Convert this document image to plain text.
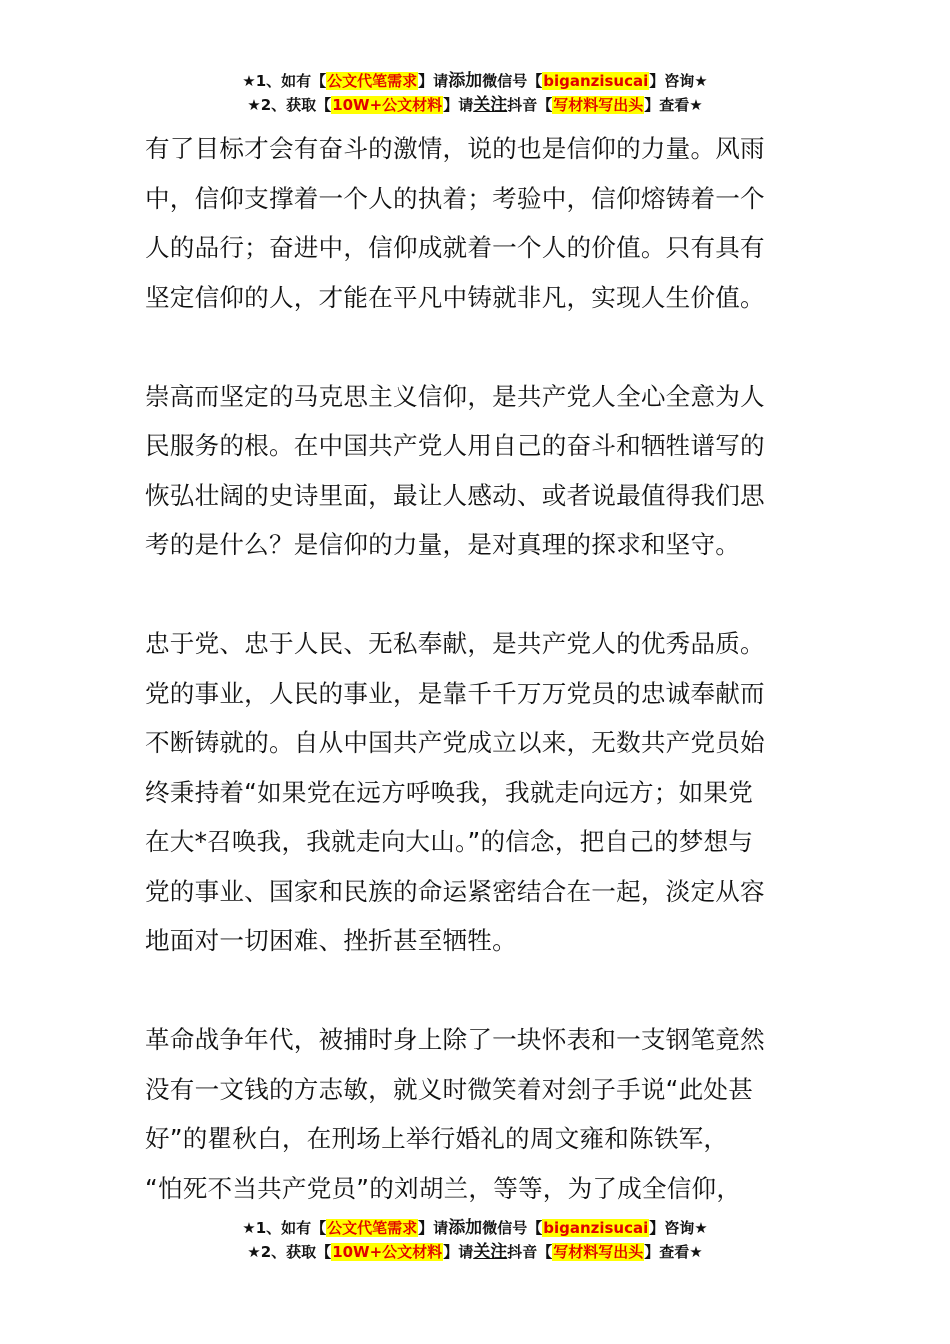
★1、如有【公文代笔需求】请添加微信号【biganzisucai】咨询★
★2、获取【10W+公文材料】请关注抖音【写材料写出头】查看★
有了目标才会有奋斗的激情，说的也是信仰的力量。风雨
中，信仰支撑着一个人的执着；考验中，信仰熔铸着一个
人的品行；奋进中，信仰成就着一个人的价值。只有具有
坚定信仰的人，才能在平凡中铸就非凡，实现人生价值。
崇高而坚定的马克思主义信仰，是共产党人全心全意为人
民服务的根。在中国共产党人用自己的奋斗和牺牲谱写的
恢弘壮阔的史诗里面，最让人感动、或者说最值得我们思
考的是什么？是信仰的力量，是对真理的探求和坚守。
忠于党、忠于人民、无私奉献，是共产党人的优秀品质。
党的事业，人民的事业，是靠千千万万党员的忠诚奉献而
不断铸就的。自从中国共产党成立以来，无数共产党员始
终秉持着“如果党在远方呼唤我，我就走向远方；如果党
在大*召唤我，我就走向大山。”的信念，把自己的梦想与
党的事业、国家和民族的命运紧密结合在一起，淡定从容
地面对一切困难、挫折甚至牺牲。
革命战争年代，被捕时身上除了一块怀表和一支钢笔竟然
没有一文钱的方志敏，就义时微笑着对刽子手说“此处甚
好”的瞿秋白，在刑场上举行婚礼的周文雍和陈铁军，
“怕死不当共产党员”的刘胡兰，等等，为了成全信仰，
★1、如有【公文代笔需求】请添加微信号【biganzisucai】咨询★
★2、获取【10W+公文材料】请关注抖音【写材料写出头】查看★
